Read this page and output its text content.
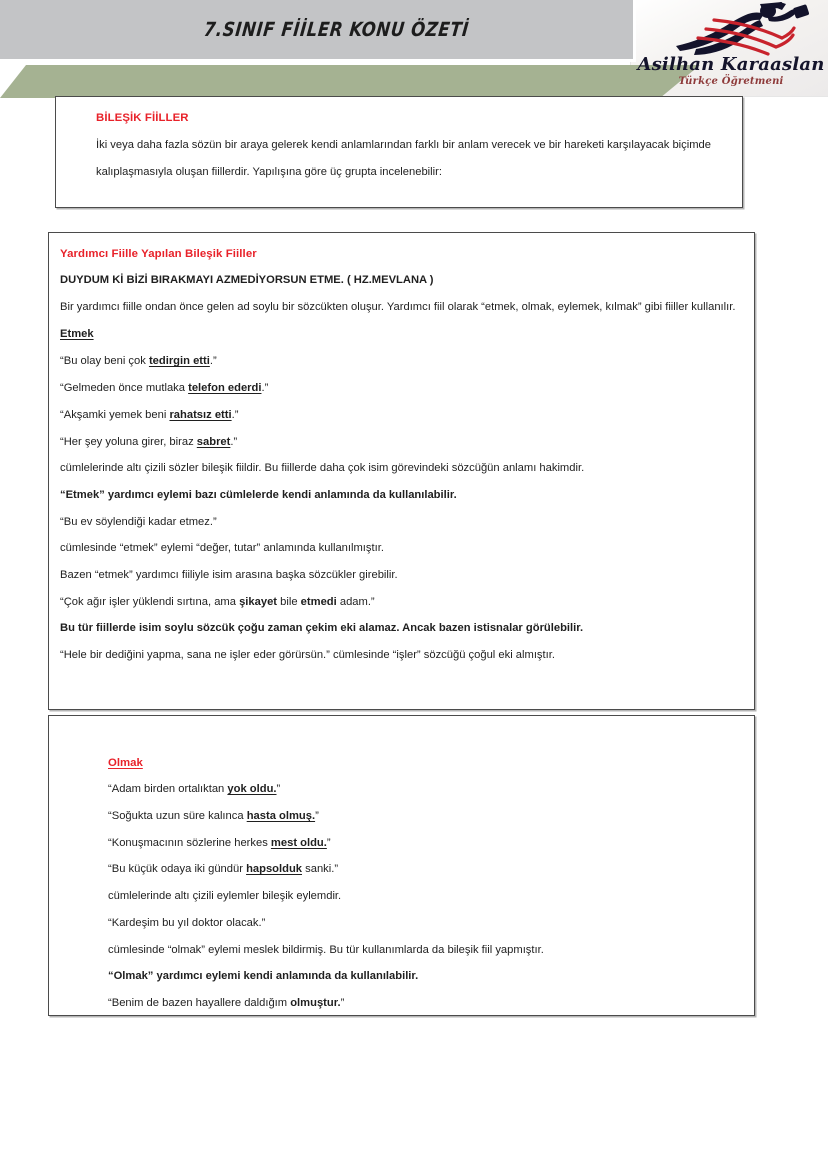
7.SINIF FİİLER KONU ÖZETİ
Asilhan Karaaslan
Türkçe Öğretmeni
BİLEŞİK FİİLLER
İki veya daha fazla sözün bir araya gelerek kendi anlamlarından farklı bir anlam verecek ve bir hareketi karşılayacak biçimde
kalıplaşmasıyla oluşan fiillerdir. Yapılışına göre üç grupta incelenebilir:
Yardımcı Fiille Yapılan Bileşik Fiiller
DUYDUM Kİ BİZİ BIRAKMAYI AZMEDİYORSUN ETME. ( HZ.MEVLANA )
Bir yardımcı fiille ondan önce gelen ad soylu bir sözcükten oluşur. Yardımcı fiil olarak “etmek, olmak, eylemek, kılmak” gibi fiiller kullanılır.
Etmek
“Bu olay beni çok tedirgin etti.”
“Gelmeden önce mutlaka telefon ederdi.”
“Akşamki yemek beni rahatsız etti.”
“Her şey yoluna girer, biraz sabret.”
cümlelerinde altı çizili sözler bileşik fiildir. Bu fiillerde daha çok isim görevindeki sözcüğün anlamı hakimdir.
“Etmek” yardımcı eylemi bazı cümlelerde kendi anlamında da kullanılabilir.
“Bu ev söylendiği kadar etmez.”
cümlesinde “etmek” eylemi “değer, tutar” anlamında kullanılmıştır.
Bazen “etmek” yardımcı fiiliyle isim arasına başka sözcükler girebilir.
“Çok ağır işler yüklendi sırtına, ama şikayet bile etmedi adam.”
Bu tür fiillerde isim soylu sözcük çoğu zaman çekim eki alamaz. Ancak bazen istisnalar görülebilir.
“Hele bir dediğini yapma, sana ne işler eder görürsün.” cümlesinde “işler” sözcüğü çoğul eki almıştır.
Olmak
“Adam birden ortalıktan yok oldu.”
“Soğukta uzun süre kalınca hasta olmuş.”
“Konuşmacının sözlerine herkes mest oldu.”
“Bu küçük odaya iki gündür hapsolduk sanki.”
cümlelerinde altı çizili eylemler bileşik eylemdir.
“Kardeşim bu yıl doktor olacak.”
cümlesinde “olmak” eylemi meslek bildirmiş. Bu tür kullanımlarda da bileşik fiil yapmıştır.
“Olmak” yardımcı eylemi kendi anlamında da kullanılabilir.
“Benim de bazen hayallere daldığım olmuştur.”
